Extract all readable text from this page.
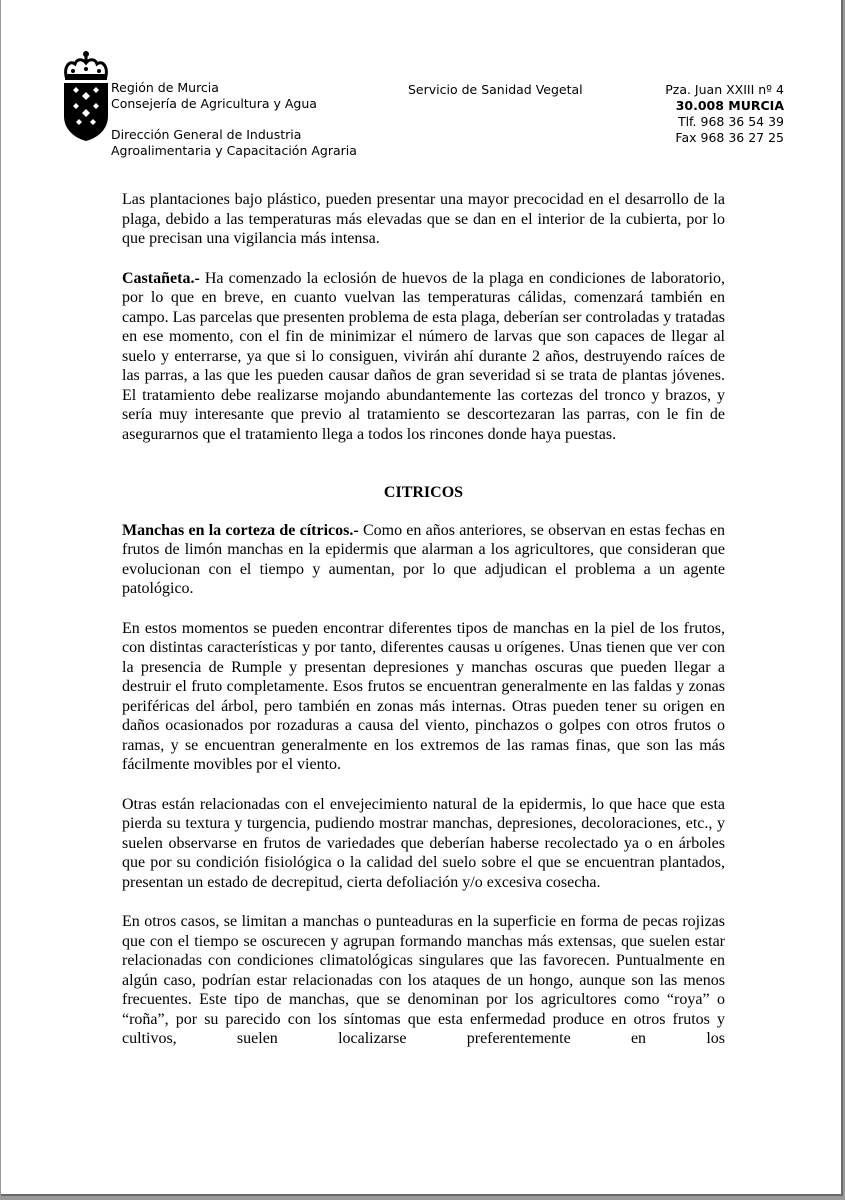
Región de Murcia
Consejería de Agricultura y Agua
Dirección General de Industria
Agroalimentaria y Capacitación Agraria
Servicio de Sanidad Vegetal	Pza. Juan XXIII nº 4
30.008 MURCIA
Tlf. 968 36 54 39
Fax 968 36 27 25

Las plantaciones bajo plástico, pueden presentar una mayor precocidad en el desarrollo de la plaga, debido a las temperaturas más elevadas que se dan en el interior de la cubierta, por lo que precisan una vigilancia más intensa.

Castañeta.- Ha comenzado la eclosión de huevos de la plaga en condiciones de laboratorio, por lo que en breve, en cuanto vuelvan las temperaturas cálidas, comenzará también en campo. Las parcelas que presenten problema de esta plaga, deberían ser controladas y tratadas en ese momento, con el fin de minimizar el número de larvas que son capaces de llegar al suelo y enterrarse, ya que si lo consiguen, vivirán ahí durante 2 años, destruyendo raíces de las parras, a las que les pueden causar daños de gran severidad si se trata de plantas jóvenes. El tratamiento debe realizarse mojando abundantemente las cortezas del tronco y brazos, y sería muy interesante que previo al tratamiento se descortezaran las parras, con le fin de asegurarnos que el tratamiento llega a todos los rincones donde haya puestas.

CITRICOS

Manchas en la corteza de cítricos.- Como en años anteriores, se observan en estas fechas en frutos de limón manchas en la epidermis que alarman a los agricultores, que consideran que evolucionan con el tiempo y aumentan, por lo que adjudican el problema a un agente patológico.

En estos momentos se pueden encontrar diferentes tipos de manchas en la piel de los frutos, con distintas características y por tanto, diferentes causas u orígenes. Unas tienen que ver con la presencia de Rumple y presentan depresiones y manchas oscuras que pueden llegar a destruir el fruto completamente. Esos frutos se encuentran generalmente en las faldas y zonas periféricas del árbol, pero también en zonas más internas. Otras pueden tener su origen en daños ocasionados por rozaduras a causa del viento, pinchazos o golpes con otros frutos o ramas, y se encuentran generalmente en los extremos de las ramas finas, que son las más fácilmente movibles por el viento.

Otras están relacionadas con el envejecimiento natural de la epidermis, lo que hace que esta pierda su textura y turgencia, pudiendo mostrar manchas, depresiones, decoloraciones, etc., y suelen observarse en frutos de variedades que deberían haberse recolectado ya o en árboles que por su condición fisiológica o la calidad del suelo sobre el que se encuentran plantados, presentan un estado de decrepitud, cierta defoliación y/o excesiva cosecha.

En otros casos, se limitan a manchas o punteaduras en la superficie en forma de pecas rojizas que con el tiempo se oscurecen y agrupan formando manchas más extensas, que suelen estar relacionadas con condiciones climatológicas singulares que las favorecen. Puntualmente en algún caso, podrían estar relacionadas con los ataques de un hongo, aunque son las menos frecuentes. Este tipo de manchas, que se denominan por los agricultores como “roya” o “roña”, por su parecido con los síntomas que esta enfermedad produce en otros frutos y cultivos, suelen localizarse preferentemente en los
